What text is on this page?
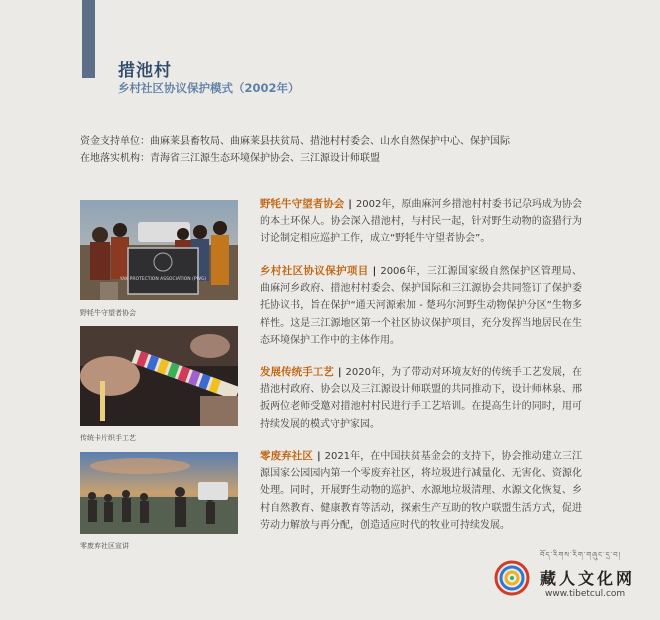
措池村
乡村社区协议保护模式（2002年）
资金支持单位：曲麻莱县畜牧局、曲麻莱县扶贫局、措池村村委会、山水自然保护中心、保护国际
在地落实机构：青海省三江源生态环境保护协会、三江源设计师联盟
YAK PROTECTION ASSOCIATION (PWG)
野牦牛守望者协会
传统卡片织手工艺
零废弃社区宣讲
野牦牛守望者协会 | 2002年，原曲麻河乡措池村村委书记尕玛成为协会的本土环保人。协会深入措池村，与村民一起，针对野生动物的盗猎行为讨论制定相应巡护工作，成立“野牦牛守望者协会”。
乡村社区协议保护项目 | 2006年，三江源国家级自然保护区管理局、曲麻河乡政府、措池村村委会、保护国际和三江源协会共同签订了保护委托协议书，旨在保护“通天河源索加 - 楚玛尔河野生动物保护分区”生物多样性。这是三江源地区第一个社区协议保护项目，充分发挥当地居民在生态环境保护工作中的主体作用。
发展传统手工艺 | 2020年，为了带动对环境友好的传统手工艺发展，在措池村政府、协会以及三江源设计师联盟的共同推动下，设计师林泉、邢扳两位老师受邀对措池村村民进行手工艺培训。在提高生计的同时，用可持续发展的模式守护家园。
零废弃社区 | 2021年，在中国扶贫基金会的支持下，协会推动建立三江源国家公园园内第一个零废弃社区，将垃圾进行减量化、无害化、资源化处理。同时，开展野生动物的巡护、水源地垃圾清理、水源文化恢复、乡村自然教育、健康教育等活动，探索生产互助的牧户联盟生活方式，促进劳动力解放与再分配，创造适应时代的牧业可持续发展。
བོད་རིགས་རིག་གཞུང་དྲ་བ།
藏人文化网
www.tibetcul.com
